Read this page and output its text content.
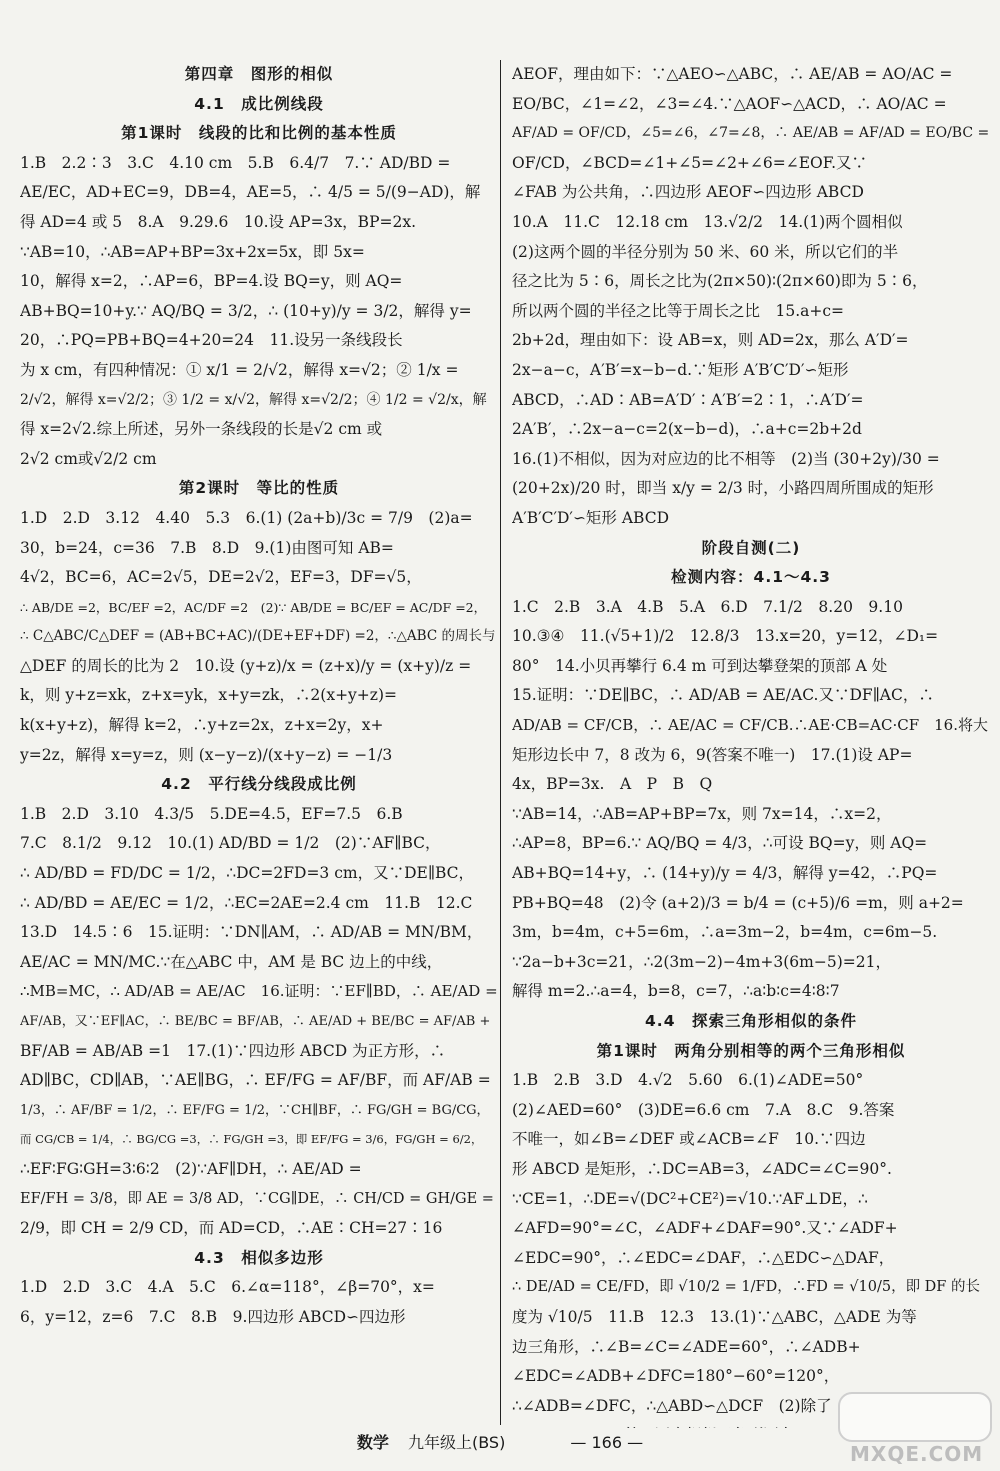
第四章　图形的相似
4.1　成比例线段
第1课时　线段的比和比例的基本性质
1.B　2.2∶3　3.C　4.10 cm　5.B　6.4/7　7.∵ AD/BD =
AE/EC，AD+EC=9，DB=4，AE=5，∴ 4/5 = 5/(9−AD)，解
得 AD=4 或 5　8.A　9.29.6　10.设 AP=3x，BP=2x.
∵AB=10，∴AB=AP+BP=3x+2x=5x，即 5x=
10，解得 x=2，∴AP=6，BP=4.设 BQ=y，则 AQ=
AB+BQ=10+y.∵ AQ/BQ = 3/2，∴ (10+y)/y = 3/2，解得 y=
20，∴PQ=PB+BQ=4+20=24　11.设另一条线段长
为 x cm，有四种情况：① x/1 = 2/√2，解得 x=√2；② 1/x =
2/√2，解得 x=√2/2；③ 1/2 = x/√2，解得 x=√2/2；④ 1/2 = √2/x，解
得 x=2√2.综上所述，另外一条线段的长是√2 cm 或
2√2 cm或√2/2 cm
第2课时　等比的性质
1.D　2.D　3.12　4.40　5.3　6.(1) (2a+b)/3c = 7/9　(2)a=
30，b=24，c=36　7.B　8.D　9.(1)由图可知 AB=
4√2，BC=6，AC=2√5，DE=2√2，EF=3，DF=√5，
∴ AB/DE =2，BC/EF =2，AC/DF =2　(2)∵ AB/DE = BC/EF = AC/DF =2，
∴ C△ABC/C△DEF = (AB+BC+AC)/(DE+EF+DF) =2，∴△ABC 的周长与
△DEF 的周长的比为 2　10.设 (y+z)/x = (z+x)/y = (x+y)/z =
k，则 y+z=xk，z+x=yk，x+y=zk，∴2(x+y+z)=
k(x+y+z)，解得 k=2，∴y+z=2x，z+x=2y，x+
y=2z，解得 x=y=z，则 (x−y−z)/(x+y−z) = −1/3
4.2　平行线分线段成比例
1.B　2.D　3.10　4.3/5　5.DE=4.5，EF=7.5　6.B
7.C　8.1/2　9.12　10.(1) AD/BD = 1/2　(2)∵AF∥BC，
∴ AD/BD = FD/DC = 1/2，∴DC=2FD=3 cm，又∵DE∥BC，
∴ AD/BD = AE/EC = 1/2，∴EC=2AE=2.4 cm　11.B　12.C
13.D　14.5∶6　15.证明：∵DN∥AM，∴ AD/AB = MN/BM，
AE/AC = MN/MC.∵在△ABC 中，AM 是 BC 边上的中线，
∴MB=MC，∴ AD/AB = AE/AC　16.证明：∵EF∥BD，∴ AE/AD =
AF/AB，又∵EF∥AC，∴ BE/BC = BF/AB，∴ AE/AD + BE/BC = AF/AB +
BF/AB = AB/AB =1　17.(1)∵四边形 ABCD 为正方形，∴
AD∥BC，CD∥AB，∵AE∥BG，∴ EF/FG = AF/BF，而 AF/AB =
1/3，∴ AF/BF = 1/2，∴ EF/FG = 1/2，∵CH∥BF，∴ FG/GH = BG/CG，
而 CG/CB = 1/4，∴ BG/CG =3，∴ FG/GH =3，即 EF/FG = 3/6，FG/GH = 6/2，
∴EF∶FG∶GH=3∶6∶2　(2)∵AF∥DH，∴ AE/AD =
EF/FH = 3/8，即 AE = 3/8 AD，∵CG∥DE，∴ CH/CD = GH/GE =
2/9，即 CH = 2/9 CD，而 AD=CD，∴AE∶CH=27∶16
4.3　相似多边形
1.D　2.D　3.C　4.A　5.C　6.∠α=118°，∠β=70°，x=
6，y=12，z=6　7.C　8.B　9.四边形 ABCD∽四边形
AEOF，理由如下：∵△AEO∽△ABC，∴ AE/AB = AO/AC =
EO/BC，∠1=∠2，∠3=∠4.∵△AOF∽△ACD，∴ AO/AC =
AF/AD = OF/CD，∠5=∠6，∠7=∠8，∴ AE/AB = AF/AD = EO/BC =
OF/CD，∠BCD=∠1+∠5=∠2+∠6=∠EOF.又∵
∠FAB 为公共角，∴四边形 AEOF∽四边形 ABCD
10.A　11.C　12.18 cm　13.√2/2　14.(1)两个圆相似
(2)这两个圆的半径分别为 50 米、60 米，所以它们的半
径之比为 5∶6，周长之比为(2π×50)∶(2π×60)即为 5∶6，
所以两个圆的半径之比等于周长之比　15.a+c=
2b+2d，理由如下：设 AB=x，则 AD=2x，那么 A′D′=
2x−a−c，A′B′=x−b−d.∵矩形 A′B′C′D′∽矩形
ABCD，∴AD∶AB=A′D′∶A′B′=2∶1，∴A′D′=
2A′B′，∴2x−a−c=2(x−b−d)，∴a+c=2b+2d
16.(1)不相似，因为对应边的比不相等　(2)当 (30+2y)/30 =
(20+2x)/20 时，即当 x/y = 2/3 时，小路四周所围成的矩形
A′B′C′D′∽矩形 ABCD
阶段自测(二)
检测内容：4.1～4.3
1.C　2.B　3.A　4.B　5.A　6.D　7.1/2　8.20　9.10
10.③④　11.(√5+1)/2　12.8/3　13.x=20，y=12，∠D₁=
80°　14.小贝再攀行 6.4 m 可到达攀登架的顶部 A 处
15.证明：∵DE∥BC，∴ AD/AB = AE/AC.又∵DF∥AC，∴
AD/AB = CF/CB，∴ AE/AC = CF/CB.∴AE·CB=AC·CF　16.将大
矩形边长中 7，8 改为 6，9(答案不唯一)　17.(1)设 AP=
4x，BP=3x.　A　P　B　Q
∵AB=14，∴AB=AP+BP=7x，则 7x=14，∴x=2，
∴AP=8，BP=6.∵ AQ/BQ = 4/3，∴可设 BQ=y，则 AQ=
AB+BQ=14+y，∴ (14+y)/y = 4/3，解得 y=42，∴PQ=
PB+BQ=48　(2)令 (a+2)/3 = b/4 = (c+5)/6 =m，则 a+2=
3m，b=4m，c+5=6m，∴a=3m−2，b=4m，c=6m−5.
∵2a−b+3c=21，∴2(3m−2)−4m+3(6m−5)=21，
解得 m=2.∴a=4，b=8，c=7，∴a∶b∶c=4∶8∶7
4.4　探索三角形相似的条件
第1课时　两角分别相等的两个三角形相似
1.B　2.B　3.D　4.√2　5.60　6.(1)∠ADE=50°
(2)∠AED=60°　(3)DE=6.6 cm　7.A　8.C　9.答案
不唯一，如∠B=∠DEF 或∠ACB=∠F　10.∵四边
形 ABCD 是矩形，∴DC=AB=3，∠ADC=∠C=90°.
∵CE=1，∴DE=√(DC²+CE²)=√10.∵AF⊥DE，∴
∠AFD=90°=∠C，∠ADF+∠DAF=90°.又∵∠ADF+
∠EDC=90°，∴∠EDC=∠DAF，∴△EDC∽△DAF，
∴ DE/AD = CE/FD，即 √10/2 = 1/FD，∴FD = √10/5，即 DF 的长
度为 √10/5　11.B　12.3　13.(1)∵△ABC，△ADE 为等
边三角形，∴∠B=∠C=∠ADE=60°，∴∠ADB+
∠EDC=∠ADB+∠DFC=180°−60°=120°，
∴∠ADB=∠DFC，∴△ABD∽△DCF　(2)除了
数学 九年级上(BS)	— 166 —	MXQE.COM
